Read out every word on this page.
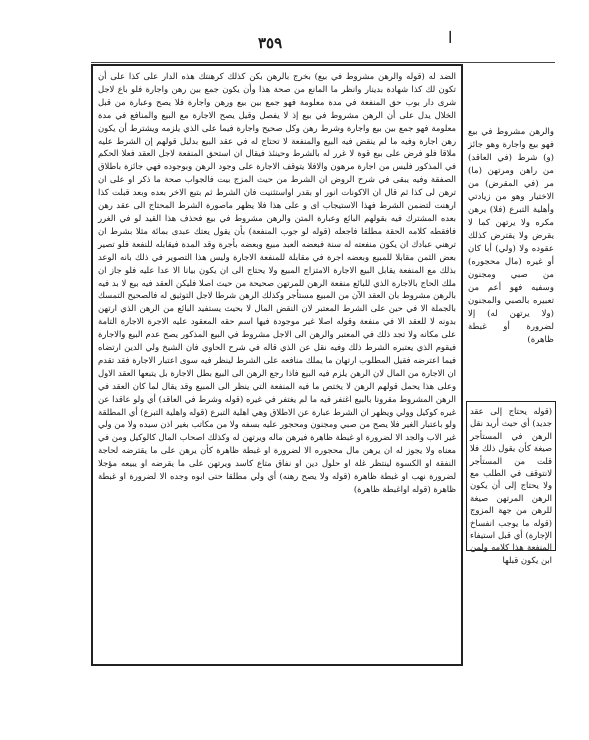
٣٥٩	ا

الضد له (قوله والرهن مشروط في بيع) بخرج بالرهن بكن كذلك كرهنتك هذه الدار على كذا على أن تكون لك كذا شهادة بدينار وانظر ما المانع من صحة هذا وأن يكون جمع بين رهن واجارة فلو باع لاجل شرى دار بوب حق المنفعة في مدة معلومة فهو جمع بين بيع ورهن واجارة فلا يصح وعبارة من قبل الخلال يدل على أن الرهن مشروط في بيع إذ لا يفصل وقيل يصح الاجارة مع البيع والمنافع في مدة معلومة فهو جمع بين بيع واجارة وشرط رهن وكل صحيح واجارة فيما على الذي يلزمه ويشترط أن يكون رهن اجارة وفيه ما لم ينقض فيه البيع والمنفعة لا تحتاج له في عقد البيع بدليل قولهم إن الشرط عليه ملاقا فلو فرض على بيع قوة لا غرر له بالشرط وحينئذ فيقال ان استحق المنفعة لاجل العقد فعلا الحكم في المذكور فليس من اجارة مرهون والافلا يتوقف الاجارة على وجود الرهن وبوجوده فهي جائزة باطلاق الصفقة وفيه يبقى في شرح الروض ان الشرط من حيث المزج بيت فالجواب صحة ما ذكر او على ان ترهن لى كذا ثم قال ان الاكونات انور او بقدر اواستثنيت فان الشرط ثم بتبع الاخر بعده وبعد قبلت كذا ارهنت لتضمن الشرط فهذا الاستيجاب اى و على هذا فلا يظهر ماصورة الشرط المحتاج الى عقد رهن بعده المشترك فيه بقولهم البائع وعبارة المتن والرهن مشروط في بيع فحذف هذا القيد لو في الغرر فافقطه كلامه الحقة مطلقا فاجعله (قوله لو جوب المنفعة) بأن يقول يعتك عبدى بمائة مثلا بشرط ان ترهني عبادك ان يكون منفعته له سنة فبعضه العبد مبيع وبعضه بأجرة وقد المدة فيقابله للنفعة فلو تصير بعض الثمن مقابلا للمبيع وبعضه اجرة في مقابلة للمنفعة الاجارة وليس هذا التصوير في ذلك بانه الوعد بذلك مع المنفعة يقابل البيع الاجارة الامتزاج المبيع ولا يحتاج الى ان يكون بيانا الا عدا عليه فلو جاز ان ملك الحاج بالاجارة الذي للبائع منفعة الرهن للمرتهن صحيحة من حيث اصلا فليكن العقد فيه بيع لا بد فيه بالرهن مشروط بان العقد الآن من المبيع مستأجر وكذلك الرهن شرطا لاجل التوثيق له فالصحيح التمسك بالجملة الا في حين على الشرط المعتبر لان النقض المال لا بحيث يستفيد البائع من الرهن الذي ارتهن بدونه لا للعقد الا في منفعة وقوله اصلا غير موجودة فيها اسم حقه المعقود عليه الاجرة الاجارة التامة على مكانه ولا تجد ذلك في المعتبر والرهن الى الاجل مشروط في البيع المذكور يصح عدم البيع والاجارة فيقوم الذي يعتبره الشرط ذلك وفيه نقل عن الذي قاله في شرح الحاوي فان الشيخ ولي الدين ارتضاه فيما اعترضه فقيل المطلوب ارتهان ما يملك منافعه على الشرط لينظر فيه سوى اعتبار الاجارة فقد تقدم ان الاجارة من المال لان الرهن يلزم فيه البيع فاذا رجع الرهن الى البيع بطل الاجارة بل يتبعها العقد الاول وعلى هذا يحمل قولهم الرهن لا يختص ما فيه المنفعة التي ينظر الى المبيع وقد يقال لما كان العقد في الرهن المشروط مقرونا بالبيع اغتفر فيه ما لم يغتفر في غيره (قوله وشرط في العاقد) أي ولو عاقدا عن غيره كوكيل وولي ويظهر ان الشرط عبارة عن الاطلاق وهي اهلية التبرع (قوله واهلية التبرع) أي المطلقة ولو باعتبار الغير فلا يصح من صبي ومجنون ومحجور عليه بسفه ولا من مكاتب بغير اذن سيده ولا من ولي غير الاب والجد الا لضرورة او غبطة ظاهرة فيرهن ماله ويرتهن له وكذلك اصحاب المال كالوكيل ومن في معناه ولا يجوز له ان يرهن مال محجوره الا لضرورة او غبطة ظاهرة كأن يرهن على ما يقترضه لحاجة النفقة او الكسوة لينتظر غلة او حلول دين او نفاق متاع كاسد ويرتهن على ما يقرضه او يبيعه مؤجلا لضرورة نهب او غبطة ظاهرة (قوله ولا يصح رهنه) أي ولي مطلقا حتى ابوه وجده الا لضرورة او غبطة ظاهرة (قوله اواغبطة ظاهرة)

والرهن مشروط في بيع فهو بيع واجارة وهو جائز (و) شرط (في العاقد) من راهن ومرتهن (ما) مر (في المقرض) من الاختيار وهو من زيادتي وأهلية التبرع (فلا) يرهن مكره ولا يرتهن كما لا يقرض ولا يقترض كذلك عقوده ولا (ولي) أبا كان أو غيره (مال محجوره) من صبي ومجنون وسفيه فهو أعم من تعبيره بالصبي والمجنون (ولا يرتهن له) إلا لضرورة أو غبطة ظاهرة)

(قوله يحتاج إلى عقد جديد) أي حيث أريد نقل الرهن في المستأجر صيغة كأن يقول ذلك فلا قلت من المستأجر لانتوقف في الطلب مع ولا يحتاج إلى أن يكون الرهن المرتهن صيغة للرهن من جهة المزوج (قوله ما يوجب انفساخ الإجارة) أي قبل استيفاء المنفعة هذا كلامه ولمن ابن يكون قبلها
